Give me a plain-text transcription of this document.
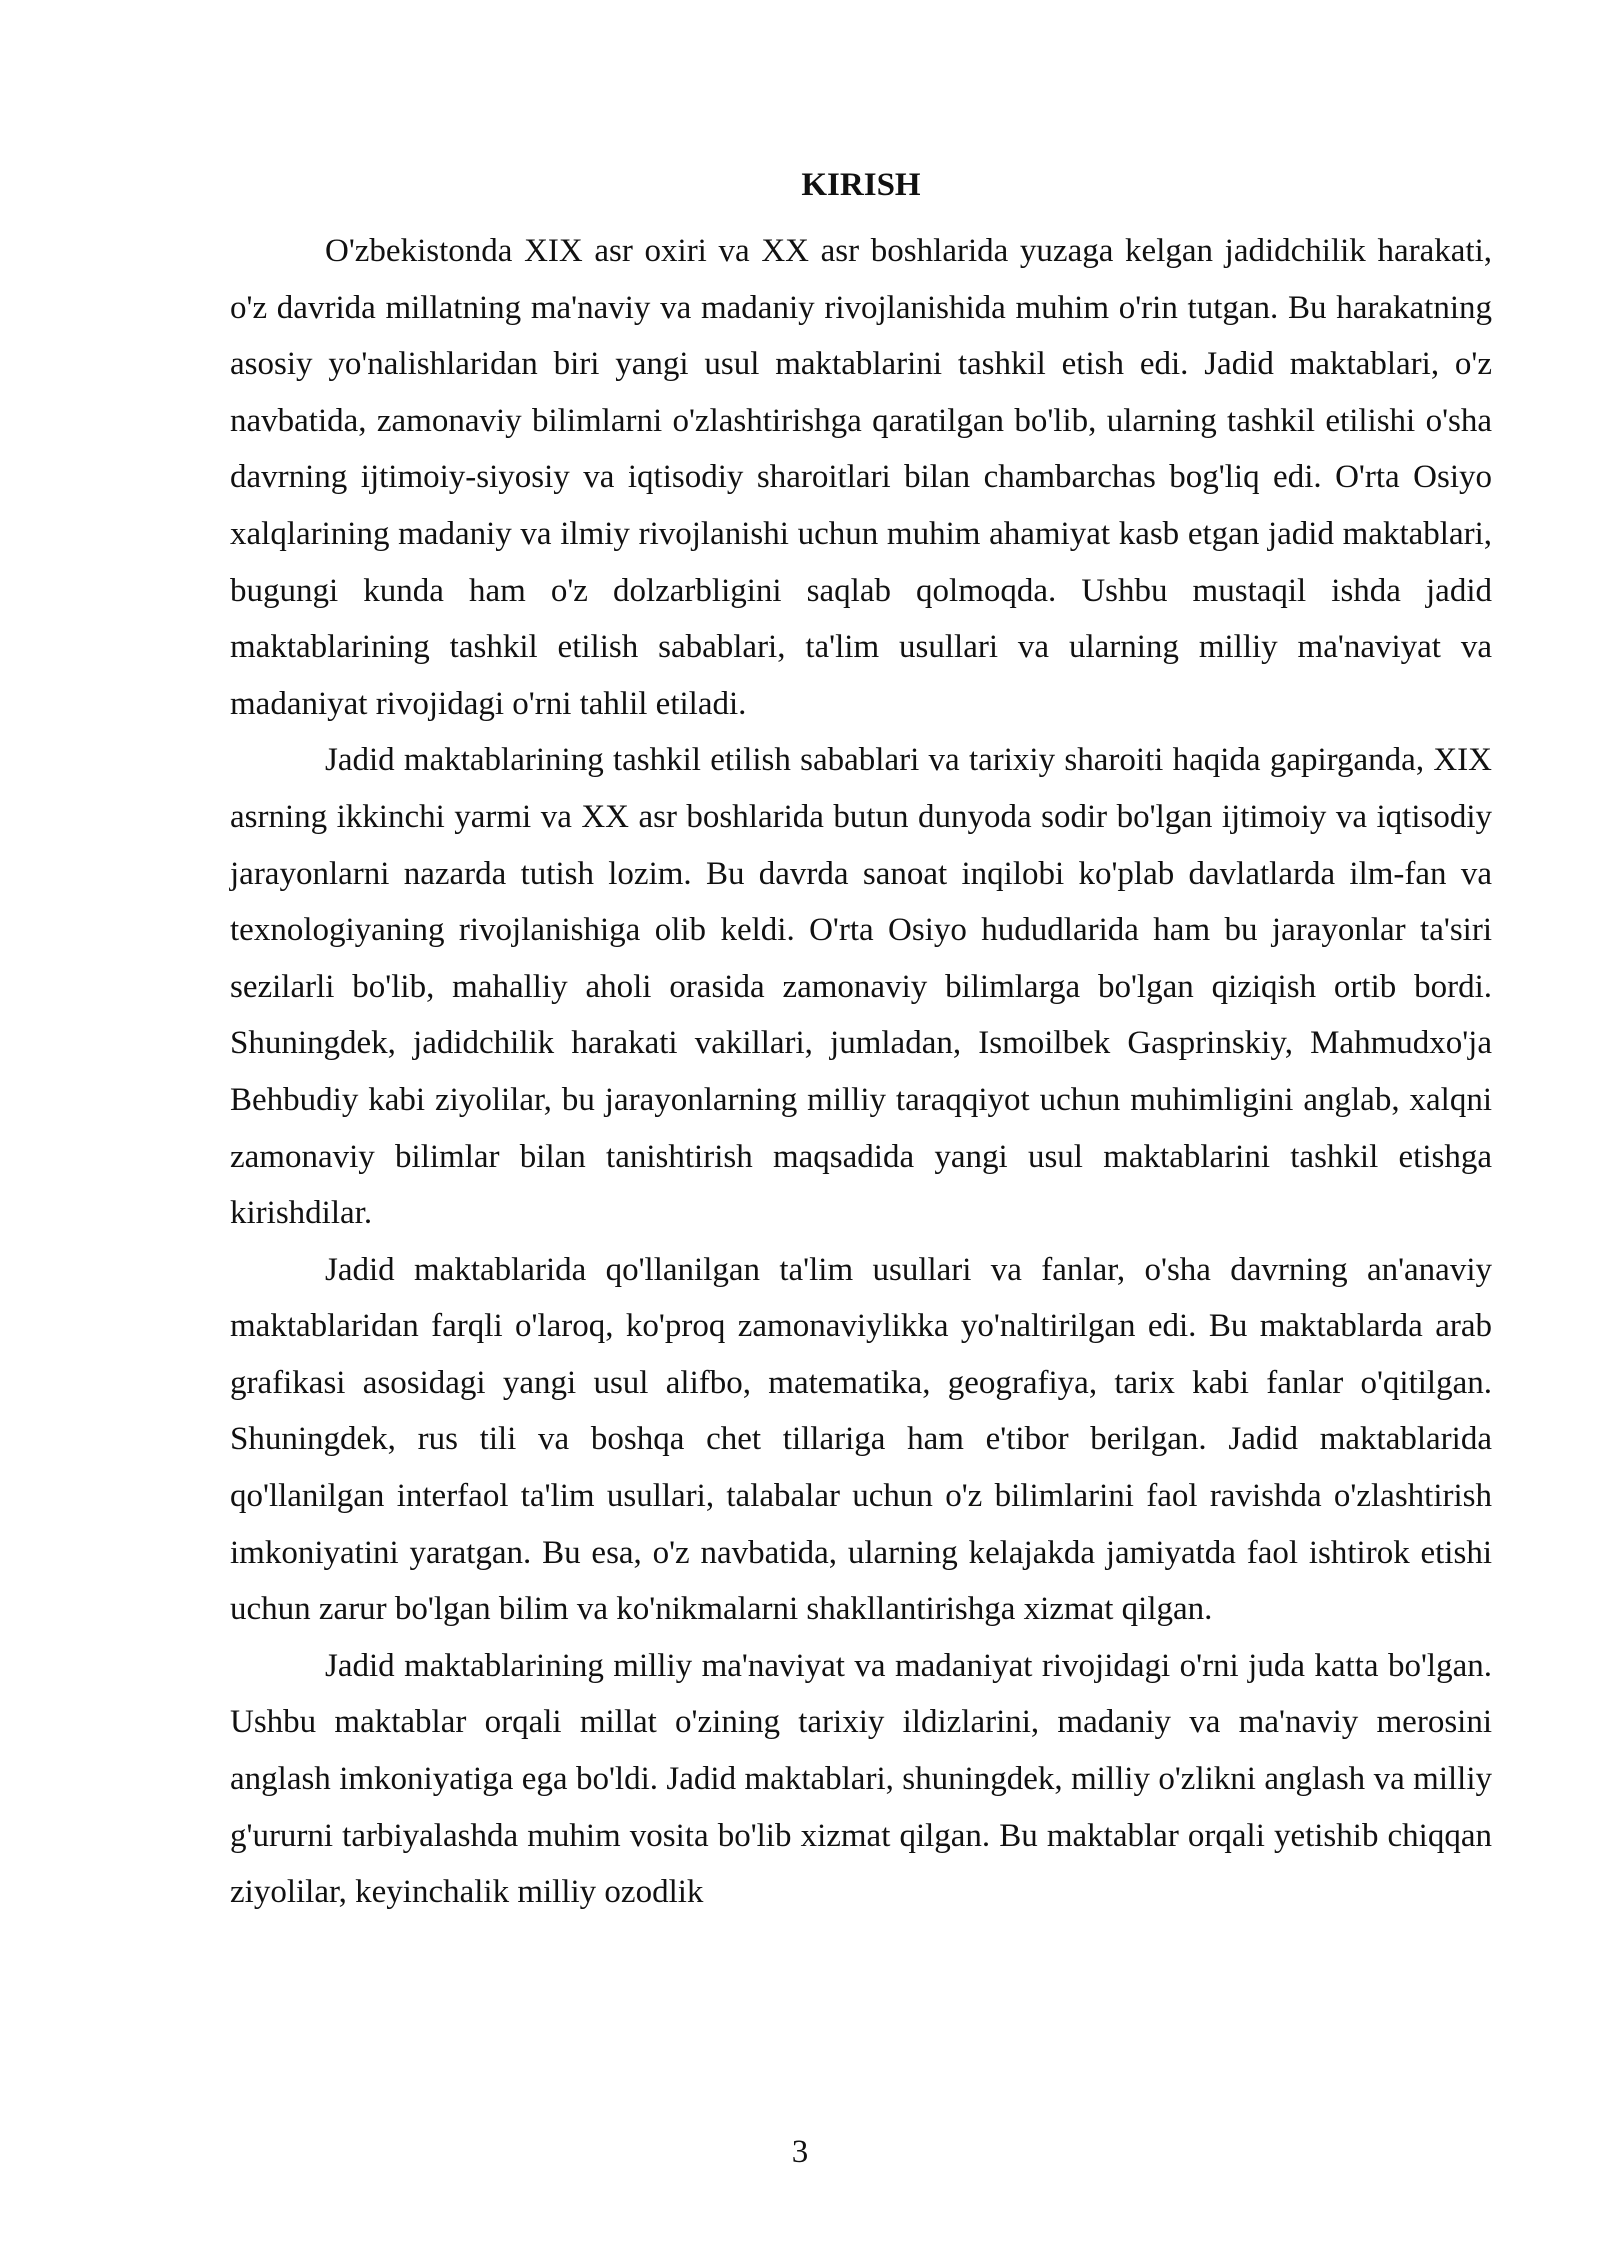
KIRISH

O'zbekistonda XIX asr oxiri va XX asr boshlarida yuzaga kelgan jadidchilik harakati, o'z davrida millatning ma'naviy va madaniy rivojlanishida muhim o'rin tutgan. Bu harakatning asosiy yo'nalishlaridan biri yangi usul maktablarini tashkil etish edi. Jadid maktablari, o'z navbatida, zamonaviy bilimlarni o'zlashtirishga qaratilgan bo'lib, ularning tashkil etilishi o'sha davrning ijtimoiy-siyosiy va iqtisodiy sharoitlari bilan chambarchas bog'liq edi. O'rta Osiyo xalqlarining madaniy va ilmiy rivojlanishi uchun muhim ahamiyat kasb etgan jadid maktablari, bugungi kunda ham o'z dolzarbligini saqlab qolmoqda. Ushbu mustaqil ishda jadid maktablarining tashkil etilish sabablari, ta'lim usullari va ularning milliy ma'naviyat va madaniyat rivojidagi o'rni tahlil etiladi.

Jadid maktablarining tashkil etilish sabablari va tarixiy sharoiti haqida gapirganda, XIX asrning ikkinchi yarmi va XX asr boshlarida butun dunyoda sodir bo'lgan ijtimoiy va iqtisodiy jarayonlarni nazarda tutish lozim. Bu davrda sanoat inqilobi ko'plab davlatlarda ilm-fan va texnologiyaning rivojlanishiga olib keldi. O'rta Osiyo hududlarida ham bu jarayonlar ta'siri sezilarli bo'lib, mahalliy aholi orasida zamonaviy bilimlarga bo'lgan qiziqish ortib bordi. Shuningdek, jadidchilik harakati vakillari, jumladan, Ismoilbek Gasprinskiy, Mahmudxo'ja Behbudiy kabi ziyolilar, bu jarayonlarning milliy taraqqiyot uchun muhimligini anglab, xalqni zamonaviy bilimlar bilan tanishtirish maqsadida yangi usul maktablarini tashkil etishga kirishdilar.

Jadid maktablarida qo'llanilgan ta'lim usullari va fanlar, o'sha davrning an'anaviy maktablaridan farqli o'laroq, ko'proq zamonaviylikka yo'naltirilgan edi. Bu maktablarda arab grafikasi asosidagi yangi usul alifbo, matematika, geografiya, tarix kabi fanlar o'qitilgan. Shuningdek, rus tili va boshqa chet tillariga ham e'tibor berilgan. Jadid maktablarida qo'llanilgan interfaol ta'lim usullari, talabalar uchun o'z bilimlarini faol ravishda o'zlashtirish imkoniyatini yaratgan. Bu esa, o'z navbatida, ularning kelajakda jamiyatda faol ishtirok etishi uchun zarur bo'lgan bilim va ko'nikmalarni shakllantirishga xizmat qilgan.

Jadid maktablarining milliy ma'naviyat va madaniyat rivojidagi o'rni juda katta bo'lgan. Ushbu maktablar orqali millat o'zining tarixiy ildizlarini, madaniy va ma'naviy merosini anglash imkoniyatiga ega bo'ldi. Jadid maktablari, shuningdek, milliy o'zlikni anglash va milliy g'ururni tarbiyalashda muhim vosita bo'lib xizmat qilgan. Bu maktablar orqali yetishib chiqqan ziyolilar, keyinchalik milliy ozodlik

3
